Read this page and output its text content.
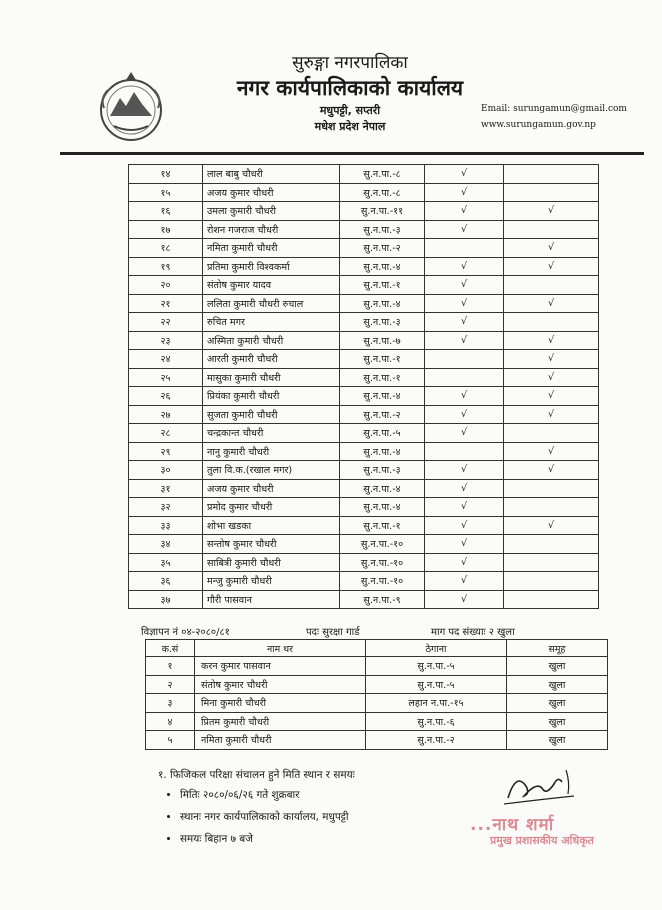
सुरुङ्गा नगरपालिका
नगर कार्यपालिकाको कार्यालय
मधुपट्टी, सप्तरी
मधेश प्रदेश नेपाल
Email: surungamun@gmail.com
www.surungamun.gov.np
१४	लाल बाबु चौधरी	सु.न.पा.-८	√	
१५	अजय कुमार चौधरी	सु.न.पा.-८	√	
१६	उमला कुमारी चौधरी	सु.न.पा.-११	√	√
१७	रोशन गजराज चौधरी	सु.न.पा.-३	√	
१८	नमिता कुमारी चौधरी	सु.न.पा.-२		√
१९	प्रतिमा कुमारी विश्वकर्मा	सु.न.पा.-४	√	√
२०	संतोष कुमार यादव	सु.न.पा.-१	√	
२१	ललिता कुमारी चौधरी रुचाल	सु.न.पा.-४	√	√
२२	रुचित मगर	सु.न.पा.-३	√	
२३	अस्मिता कुमारी चौधरी	सु.न.पा.-७	√	√
२४	आरती कुमारी चौधरी	सु.न.पा.-१		√
२५	मासुका कुमारी चौधरी	सु.न.पा.-१		√
२६	प्रियंका कुमारी चौधरी	सु.न.पा.-४	√	√
२७	सुजता कुमारी चौधरी	सु.न.पा.-२	√	√
२८	चन्द्रकान्त चौधरी	सु.न.पा.-५	√	
२९	नानु कुमारी चौधरी	सु.न.पा.-४		√
३०	तुला वि.क.(रखाल मगर)	सु.न.पा.-३	√	√
३१	अजय कुमार चौधरी	सु.न.पा.-४	√	
३२	प्रमोद कुमार चौधरी	सु.न.पा.-४	√	
३३	शोभा खडका	सु.न.पा.-१	√	√
३४	सन्तोष कुमार चौधरी	सु.न.पा.-१०	√	
३५	साबित्री कुमारी चौधरी	सु.न.पा.-१०	√	
३६	मन्जु कुमारी चौधरी	सु.न.पा.-१०	√	
३७	गौरी पासवान	सु.न.पा.-९	√	
विज्ञापन नं ०४-२०८०/८१	पदः सुरक्षा गार्ड	माग पद संख्याः २ खुला
क.सं	नाम थर	ठेगाना	समूह
१	करन कुमार पासवान	सु.न.पा.-५	खुला
२	संतोष कुमार चौधरी	सु.न.पा.-५	खुला
३	मिना कुमारी चौधरी	लहान न.पा.-१५	खुला
४	प्रितम कुमारी चौधरी	सु.न.पा.-६	खुला
५	नमिता कुमारी चौधरी	सु.न.पा.-२	खुला
१. फिजिकल परिक्षा संचालन हुने मिति स्थान र समयः
• मितिः २०८०/०६/२६ गते शुक्रबार
• स्थानः नगर कार्यपालिकाको कार्यालय, मधुपट्टी
• समयः बिहान ७ बजे
...नाथ शर्मा
प्रमुख प्रशासकीय अधिकृत
